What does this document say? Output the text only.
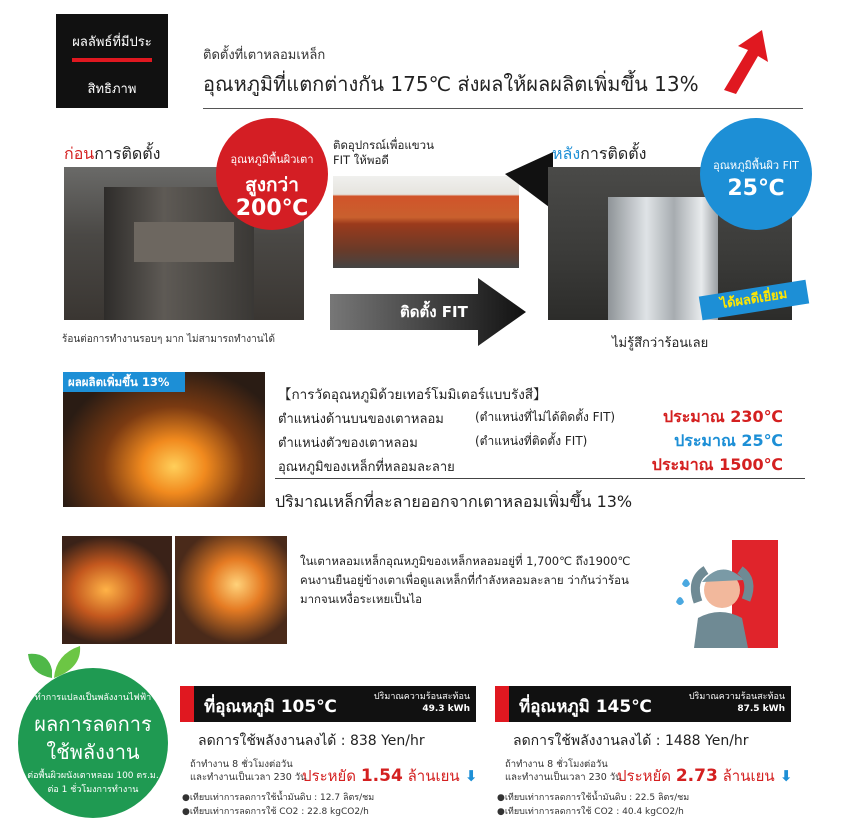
ผลลัพธ์ที่มีประ
สิทธิภาพ
ติดตั้งที่เตาหลอมเหล็ก
อุณหภูมิที่แตกต่างกัน 175℃ ส่งผลให้ผลผลิตเพิ่มขึ้น 13%
ก่อนการติดตั้ง	อุณหภูมิพื้นผิวเตา
สูงกว่า
200℃
ร้อนต่อการทำงานรอบๆ มาก ไม่สามารถทำงานได้
ติดอุปกรณ์เพื่อแขวน
FIT ให้พอดี
ติดตั้ง FIT
หลังการติดตั้ง
อุณหภูมิพื้นผิว FIT
25℃
ได้ผลดีเยี่ยม
ไม่รู้สึกว่าร้อนเลย
ผลผลิตเพิ่มขึ้น 13%
【การวัดอุณหภูมิด้วยเทอร์โมมิเตอร์แบบรังสี】
ตำแหน่งด้านบนของเตาหลอม	(ตำแหน่งที่ไม่ได้ติดตั้ง FIT)	ประมาณ 230℃
ตำแหน่งตัวของเตาหลอม	(ตำแหน่งที่ติดตั้ง FIT)	ประมาณ 25℃
อุณหภูมิของเหล็กที่หลอมละลาย	ประมาณ 1500℃
ปริมาณเหล็กที่ละลายออกจากเตาหลอมเพิ่มขึ้น 13%
ในเตาหลอมเหล็กอุณหภูมิของเหล็กหลอมอยู่ที่ 1,700℃ ถึง1900℃
คนงานยืนอยู่ข้างเตาเพื่อดูแลเหล็กที่กำลังหลอมละลาย ว่ากันว่าร้อน
มากจนเหงื่อระเหยเป็นไอ
ทำการแปลงเป็นพลังงานไฟฟ้า
ผลการลดการ
ใช้พลังงาน
ต่อพื้นผิวผนังเตาหลอม 100 ตร.ม.
ต่อ 1 ชั่วโมงการทำงาน
ที่อุณหภูมิ 105℃	ปริมาณความร้อนสะท้อน
49.3 kWh
ลดการใช้พลังงานลงได้ : 838 Yen/hr
ถ้าทำงาน 8 ชั่วโมงต่อวัน
และทำงานเป็นเวลา 230 วัน
ประหยัด 1.54 ล้านเยน ⬇
●เทียบเท่าการลดการใช้น้ำมันดิบ : 12.7 ลิตร/ชม
●เทียบเท่าการลดการใช้ CO2 : 22.8 kgCO2/h
ที่อุณหภูมิ 145℃	ปริมาณความร้อนสะท้อน
87.5 kWh
ลดการใช้พลังงานลงได้ : 1488 Yen/hr
ถ้าทำงาน 8 ชั่วโมงต่อวัน
และทำงานเป็นเวลา 230 วัน
ประหยัด 2.73 ล้านเยน ⬇
●เทียบเท่าการลดการใช้น้ำมันดิบ : 22.5 ลิตร/ชม
●เทียบเท่าการลดการใช้ CO2 : 40.4 kgCO2/h
